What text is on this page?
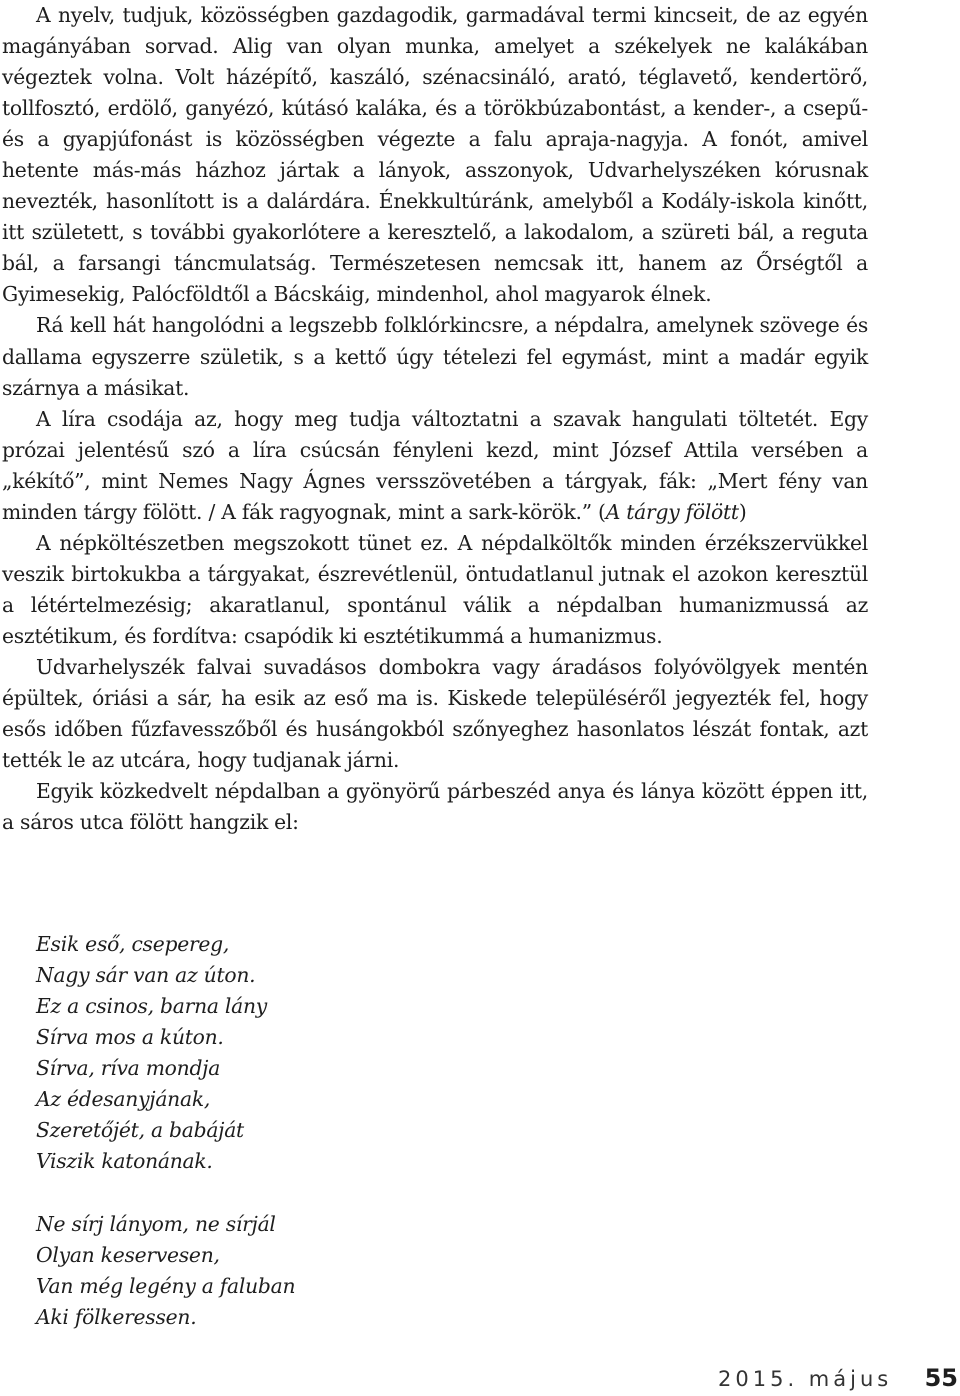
A nyelv, tudjuk, közösségben gazdagodik, garmadával termi kincseit, de az egyén magányában sorvad. Alig van olyan munka, amelyet a székelyek ne kalákában végeztek volna. Volt házépítő, kaszáló, szénacsináló, arató, téglavető, kendertörő, tollfosztó, erdölő, ganyézó, kútásó kaláka, és a törökbúzabontást, a kender-, a csepű- és a gyapjúfonást is közösségben végezte a falu apraja-nagyja. A fonót, amivel hetente más-más házhoz jártak a lányok, asszonyok, Udvarhelyszéken kórusnak nevezték, hasonlított is a dalárdára. Énekkultúránk, amelyből a Kodály-iskola kinőtt, itt született, s további gyakorlótere a keresztelő, a lakodalom, a szüreti bál, a reguta bál, a farsangi táncmulatság. Természetesen nemcsak itt, hanem az Őrségtől a Gyimesekig, Palócföldtől a Bácskáig, mindenhol, ahol magyarok élnek.

Rá kell hát hangolódni a legszebb folklórkincsre, a népdalra, amelynek szövege és dallama egyszerre születik, s a kettő úgy tételezi fel egymást, mint a madár egyik szárnya a másikat.

A líra csodája az, hogy meg tudja változtatni a szavak hangulati töltetét. Egy prózai jelentésű szó a líra csúcsán fényleni kezd, mint József Attila versében a „kékítő”, mint Nemes Nagy Ágnes versszövetében a tárgyak, fák: „Mert fény van minden tárgy fölött. / A fák ragyognak, mint a sark-körök.” (A tárgy fölött)

A népköltészetben megszokott tünet ez. A népdalköltők minden érzékszervükkel veszik birtokukba a tárgyakat, észrevétlenül, öntudatlanul jutnak el azokon keresztül a létértelmezésig; akaratlanul, spontánul válik a népdalban humanizmussá az esztétikum, és fordítva: csapódik ki esztétikummá a humanizmus.

Udvarhelyszék falvai suvadásos dombokra vagy áradásos folyóvölgyek mentén épültek, óriási a sár, ha esik az eső ma is. Kiskede településéről jegyezték fel, hogy esős időben fűzfavesszőből és husángokból szőnyeghez hasonlatos lészát fontak, azt tették le az utcára, hogy tudjanak járni.

Egyik közkedvelt népdalban a gyönyörű párbeszéd anya és lánya között éppen itt, a sáros utca fölött hangzik el:

Esik eső, csepereg,
Nagy sár van az úton.
Ez a csinos, barna lány
Sírva mos a kúton.
Sírva, ríva mondja
Az édesanyjának,
Szeretőjét, a babáját
Viszik katonának.
Ne sírj lányom, ne sírjál
Olyan keservesen,
Van még legény a faluban
Aki fölkeressen.
2015. május 55
